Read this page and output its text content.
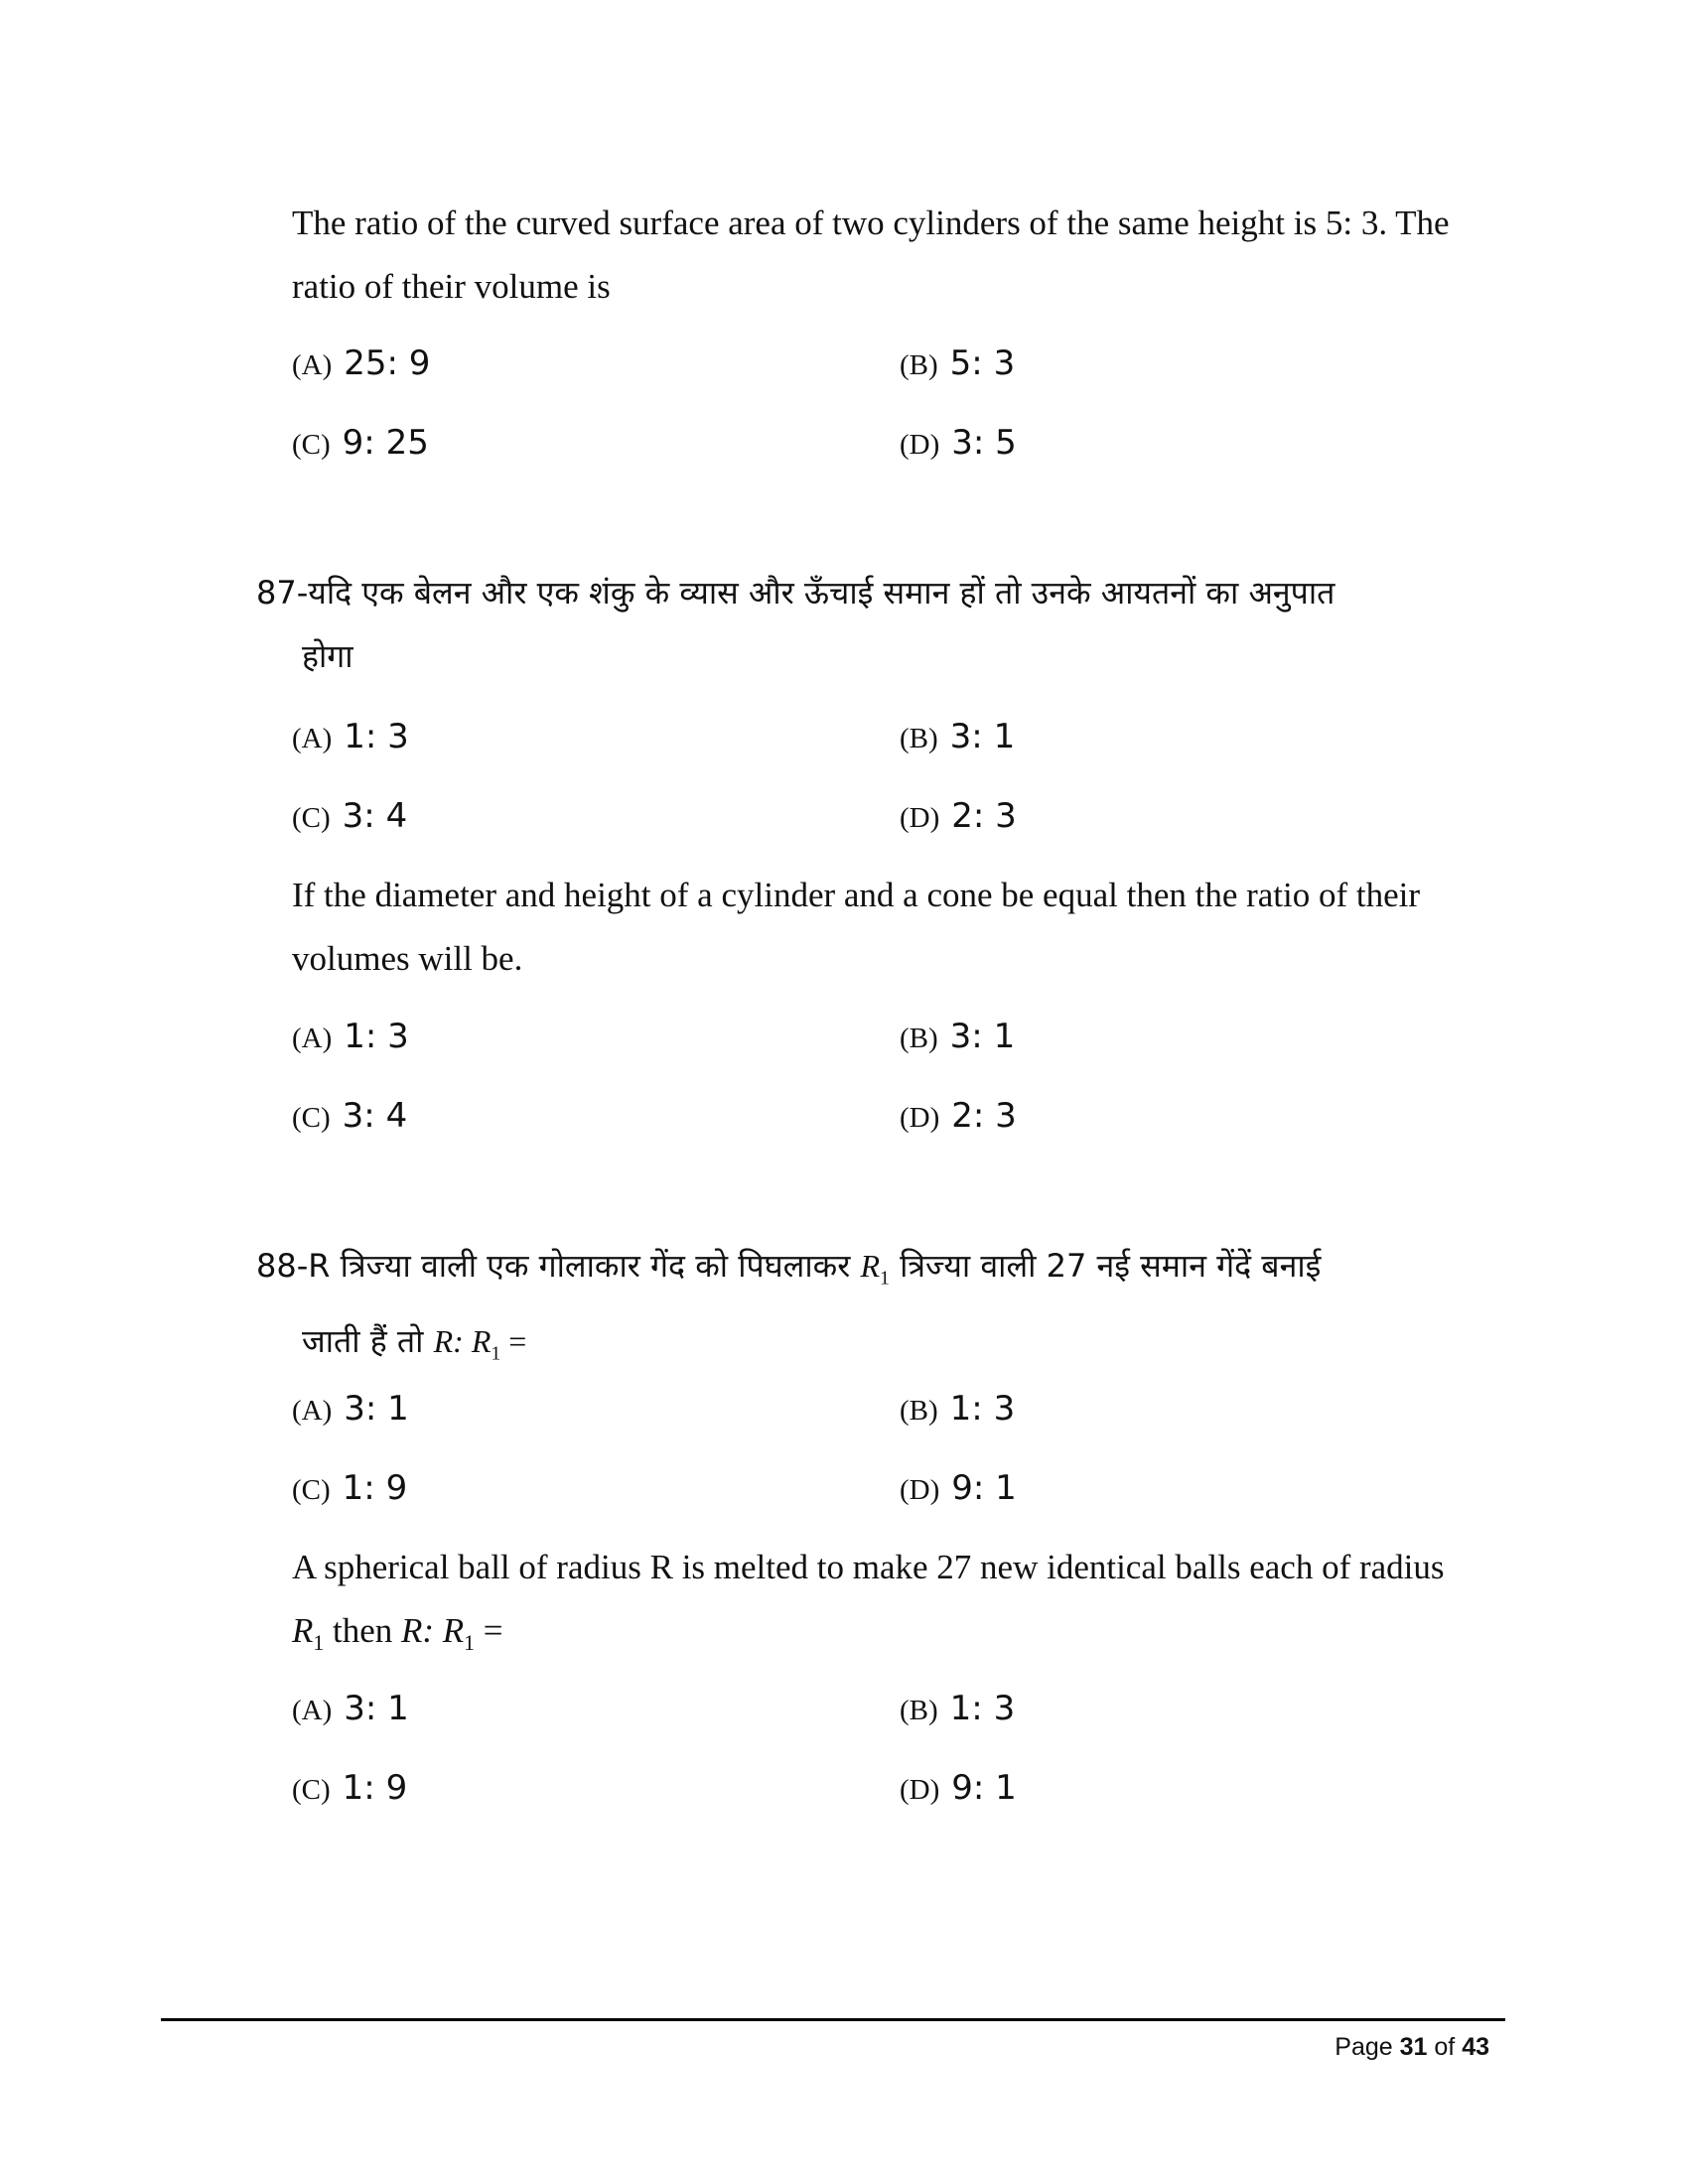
The ratio of the curved surface area of two cylinders of the same height is 5: 3. The
ratio of their volume is
(A) 25: 9	(B) 5: 3
(C) 9: 25	(D) 3: 5
87-यदि एक बेलन और एक शंकु के व्यास और ऊँचाई समान हों तो उनके आयतनों का अनुपात
होगा
(A) 1: 3	(B) 3: 1
(C) 3: 4	(D) 2: 3
If the diameter and height of a cylinder and a cone be equal then the ratio of their
volumes will be.
(A) 1: 3	(B) 3: 1
(C) 3: 4	(D) 2: 3
88-R त्रिज्या वाली एक गोलाकार गेंद को पिघलाकर $R_1$ त्रिज्या वाली 27 नई समान गेंदें बनाई
जाती हैं तो R: $R_1$ =
(A) 3: 1	(B) 1: 3
(C) 1: 9	(D) 9: 1
A spherical ball of radius R is melted to make 27 new identical balls each of radius
$R_1$ then R: $R_1$ =
(A) 3: 1	(B) 1: 3
(C) 1: 9	(D) 9: 1
Page 31 of 43
